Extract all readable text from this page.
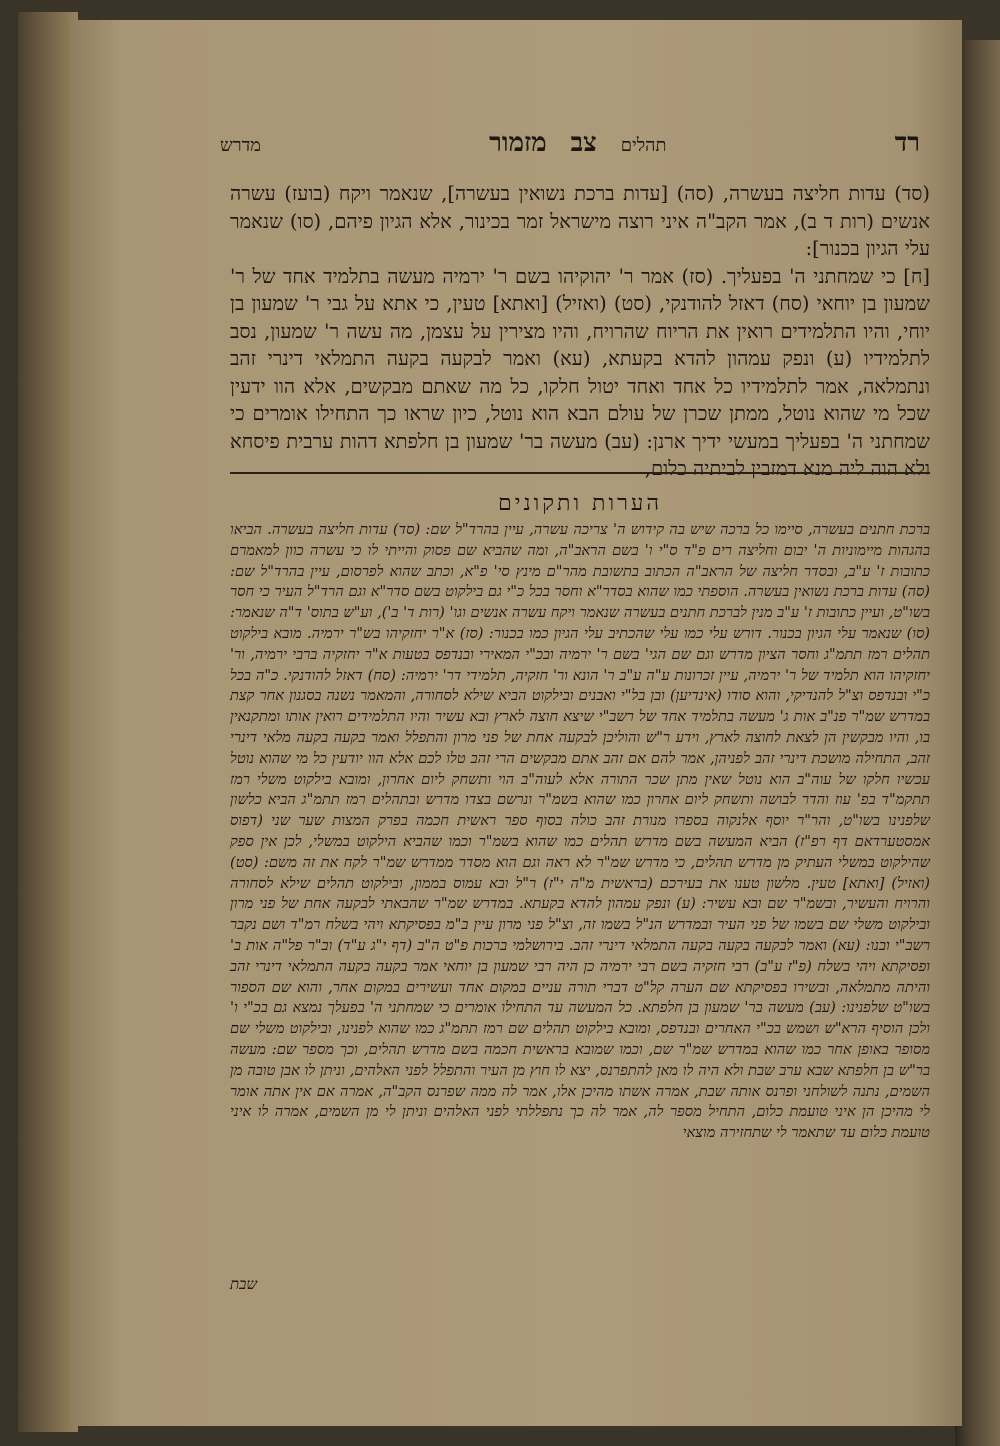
רד
תהלים
צב
מזמור
מדרש

(סד) עדות חליצה בעשרה, (סה) [עדות ברכת נשואין בעשרה], שנאמר ויקח (בועז) עשרה אנשים (רות ד ב), אמר הקב"ה איני רוצה מישראל זמר בכינור, אלא הגיון פיהם, (סו) שנאמר עלי הגיון בכנור]:

[ח] כי שמחתני ה' בפעליך. (סז) אמר ר' יהוקיהו בשם ר' ירמיה מעשה בתלמיד אחד של ר' שמעון בן יוחאי (סח) דאזל להודנקי, (סט) (ואזיל) [ואתא] טעין, כי אתא על גבי ר' שמעון בן יוחי, והיו התלמידים רואין את הריוח שהרויח, והיו מצירין על עצמן, מה עשה ר' שמעון, נסב לתלמידיו (ע) ונפק עמהון להדא בקעתא, (עא) ואמר לבקעה בקעה התמלאי דינרי זהב ונתמלאה, אמר לתלמידיו כל אחד ואחד יטול חלקו, כל מה שאתם מבקשים, אלא הוו ידעין שכל מי שהוא נוטל, ממתן שכרן של עולם הבא הוא נוטל, כיון שראו כך התחילו אומרים כי שמחתני ה' בפעליך במעשי ידיך ארנן: (עב) מעשה בר' שמעון בן חלפתא דהות ערבית פיסחא ולא הוה ליה מנא דמזבין לביתיה כלום,

הערות ותקונים

ברכת חתנים בעשרה, סיימו כל ברכה שיש בה קידוש ה' צריכה עשרה, עיין בהרד"ל שם: (סד) עדות חליצה בעשרה. הביאו בהגהות מיימוניות ה' יבום וחליצה רים פ"ד ס"י ו' בשם הראב"ה, ומה שהביא שם פסוק והייתי לו כי עשרה כוון למאמרם כתובות ז' ע"ב, ובסדר חליצה של הראב"ה הכתוב בתשובת מהר"ם מינץ סי' פ"א, וכתב שהוא לפרסום, עיין בהרד"ל שם: (סה) עדות ברכת נשואין בעשרה. הוספתי כמו שהוא בסדר"א וחסר בכל כ"י גם בילקוט בשם סדר"א וגם הרד"ל העיר כי חסר בשו"ט, ועיין כתובות ז' ע"ב מנין לברכת חתנים בעשרה שנאמר ויקח עשרה אנשים וגו' (רות ד' ב'), וע"ש בתוס' ד"ה שנאמר: (סו) שנאמר עלי הגיון בכנור. דורש עלי כמו עלי שהכתיב עלי הגיון כמו בכנור: (סז) א"ר יחזקיהו בש"ר ירמיה. מובא בילקוט תהלים רמז תתמ"ג וחסר הציון מדרש וגם שם הגי' בשם ר' ירמיה ובכ"י המאירי ובנדפס בטעות א"ר יחזקיה ברבי ירמיה, ור' יחזקיהו הוא תלמיד של ר' ירמיה, עיין זכרונות ע"ה ע"ב ר' הונא ור' חזקיה, תלמידי דר' ירמיה: (סח) דאזל להודנקי. כ"ה בכל כ"י ובנדפס וצ"ל להנדיקי, והוא סודו (אינדיען) ובן בל"י ואבנים ובילקוט הביא שילא לסחורה, והמאמר נשנה בסגנון אחר קצת במדרש שמ"ר פנ"ב אות ג' מעשה בתלמיד אחד של רשב"י שיצא חוצה לארץ ובא עשיר והיו התלמידים רואין אותו ומתקנאין בו, והיו מבקשין הן לצאת לחוצה לארץ, וידע ר"ש והוליכן לבקעה אחת של פני מרון והתפלל ואמר בקעה בקעה מלאי דינרי זהב, התחילה מושכת דינרי זהב לפניהן, אמר להם אם זהב אתם מבקשים הרי זהב טלו לכם אלא הוו יודעין כל מי שהוא נוטל עכשיו חלקו של עוה"ב הוא נוטל שאין מתן שכר התורה אלא לעוה"ב הוי ותשחק ליום אחרון, ומובא בילקוט משלי רמז תתקמ"ד בפ' עוז והדר לבושה ותשחק ליום אחרון כמו שהוא בשמ"ר ונרשם בצדו מדרש ובתהלים רמז תתמ"ג הביא כלשון שלפנינו בשו"ט, והר"ר יוסף אלנקוה בספרו מנורת זהב כולה בסוף ספר ראשית חכמה בפרק המצות שער שני (דפוס אמסטערדאם דף רפ"ז) הביא המעשה בשם מדרש תהלים כמו שהוא בשמ"ר וכמו שהביא הילקוט במשלי, לכן אין ספק שהילקוט במשלי העתיק מן מדרש תהלים, כי מדרש שמ"ר לא ראה וגם הוא מסדר ממדרש שמ"ר לקח את זה משם: (סט) (ואזיל) [ואתא] טעין. מלשון טענו את בעירכם (בראשית מ"ה י"ז) ר"ל ובא עמוס בממון, ובילקוט תהלים שילא לסחורה והרויח והעשיר, ובשמ"ר שם ובא עשיר: (ע) ונפק עמהון להדא בקעתא. במדרש שמ"ר שהבאתי לבקעה אחת של פני מרון ובילקוט משלי שם בשמו של פני העיר ובמדרש הנ"ל בשמו זה, וצ"ל פני מרון עיין ב"מ בפסיקתא ויהי בשלח רמ"ד ושם נקבר רשב"י ובנו: (עא) ואמר לבקעה בקעה בקעה התמלאי דינרי זהב. בירושלמי ברכות פ"ט ה"ב (דף י"ג ע"ד) וב"ר פל"ה אות ב' ופסיקתא ויהי בשלח (פ"ז ע"ב) רבי חזקיה בשם רבי ירמיה כן היה רבי שמעון בן יוחאי אמר בקעה בקעה התמלאי דינרי זהב והיתה מתמלאה, ובשירו בפסיקתא שם הערה קל"ט דברי תורה עניים במקום אחד ועשירים במקום אחר, והוא שם הספור בשו"ט שלפנינו: (עב) מעשה בר' שמעון בן חלפתא. כל המעשה עד התחילו אומרים כי שמחתני ה' בפעלך נמצא גם בכ"י ו' ולכן הוסיף הרא"ש ושמש בכ"י האחרים ובנדפס, ומובא בילקוט תהלים שם רמז תתמ"ג כמו שהוא לפנינו, ובילקוט משלי שם מסופר באופן אחר כמו שהוא במדרש שמ"ר שם, וכמו שמובא בראשית חכמה בשם מדרש תהלים, וכך מספר שם: מעשה בר"ש בן חלפתא שבא ערב שבת ולא היה לו מאן להתפרנס, יצא לו חוץ מן העיר והתפלל לפני האלהים, וניתן לו אבן טובה מן השמים, נתנה לשולחני ופרנס אותה שבת, אמרה אשתו מהיכן אלו, אמר לה ממה שפרנס הקב"ה, אמרה אם אין אתה אומר לי מהיכן הן איני טועמת כלום, התחיל מספר לה, אמר לה כך נתפללתי לפני האלהים וניתן לי מן השמים, אמרה לו איני טועמת כלום עד שתאמר לי שתחזירה מוצאי

שבת
